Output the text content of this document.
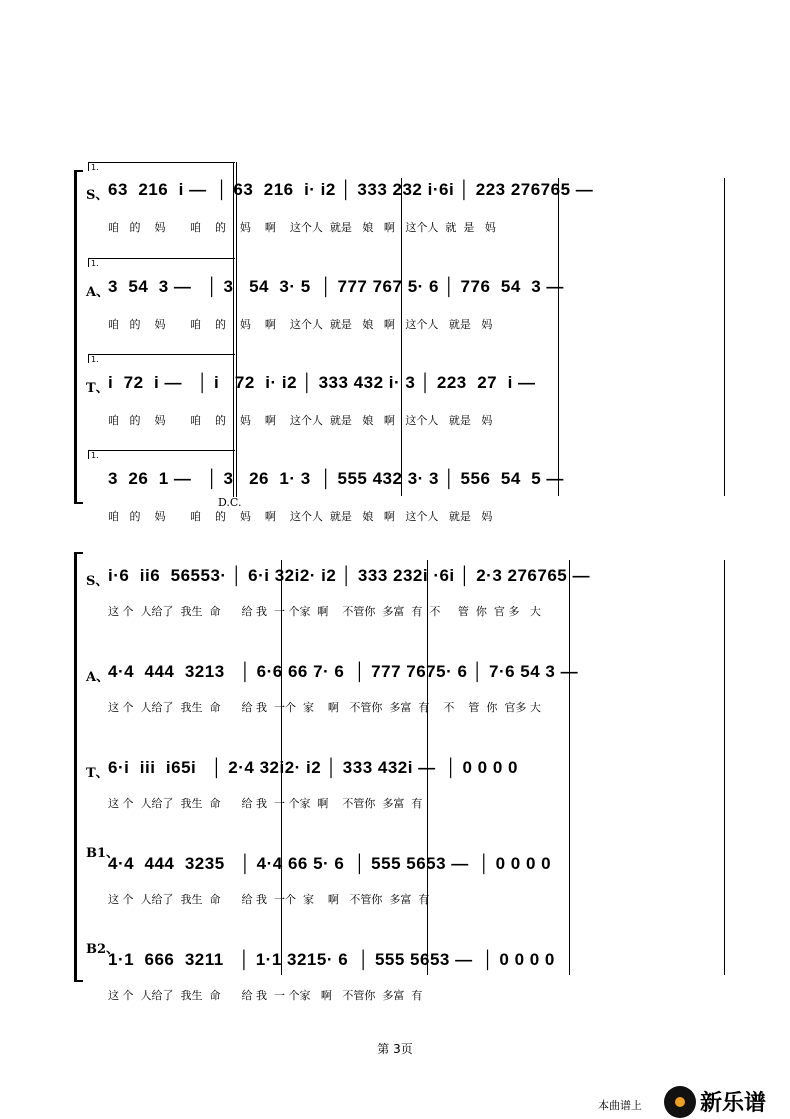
1.
1.
1.
1.
S、 63  216  i —  │ 63  216  i· i2 │ 333 232 i·6i │ 223 276765 —
咱   的    妈       咱    的    妈    啊    这个人  就是   娘   啊   这个人  就  是   妈
A、
3  54  3 —   │ 3   54  3· 5  │ 777 767 5· 6 │ 776  54  3 —
咱   的    妈       咱    的    妈    啊    这个人  就是   娘   啊   这个人   就是   妈
T、 i  72  i —   │ i   72  i· i2 │ 333 432 i· 3 │ 223  27  i —
咱   的    妈       咱    的    妈    啊    这个人  就是   娘   啊   这个人   就是   妈
3  26  1 —   │ 3   26  1· 3  │ 555 432 3· 3 │ 556  54  5 —
咱   的    妈       咱    的    妈    啊    这个人  就是   娘   啊   这个人   就是   妈
D.C.
S、 i·6  ii6  56553· │ 6·i 32i2· i2 │ 333 232i ·6i │ 2·3 276765 —
这 个  人给了  我生  命      给 我  一 个家  啊    不管你  多富  有  不     管  你  官 多   大
A、
4·4  444  3213   │ 6·6 66 7· 6  │ 777 7675· 6 │ 7·6 54 3 —
这 个  人给了  我生  命      给 我  一个  家    啊   不管你  多富  有    不    管  你  官多 大
T、 6·i  iii  i65i   │ 2·4 32i2· i2 │ 333 432i —  │ 0 0 0 0
这 个  人给了  我生  命      给 我  一 个家  啊    不管你  多富  有
B1、
4·4  444  3235   │ 4·4 66 5· 6  │ 555 5653 —  │ 0 0 0 0
这 个  人给了  我生  命      给 我  一个  家    啊   不管你  多富  有
B2、
1·1  666  3211   │ 1·1 3215· 6  │ 555 5653 —  │ 0 0 0 0
这 个  人给了  我生  命      给 我  一 个家   啊   不管你  多富  有
第 3页
本曲谱上	新乐谱
